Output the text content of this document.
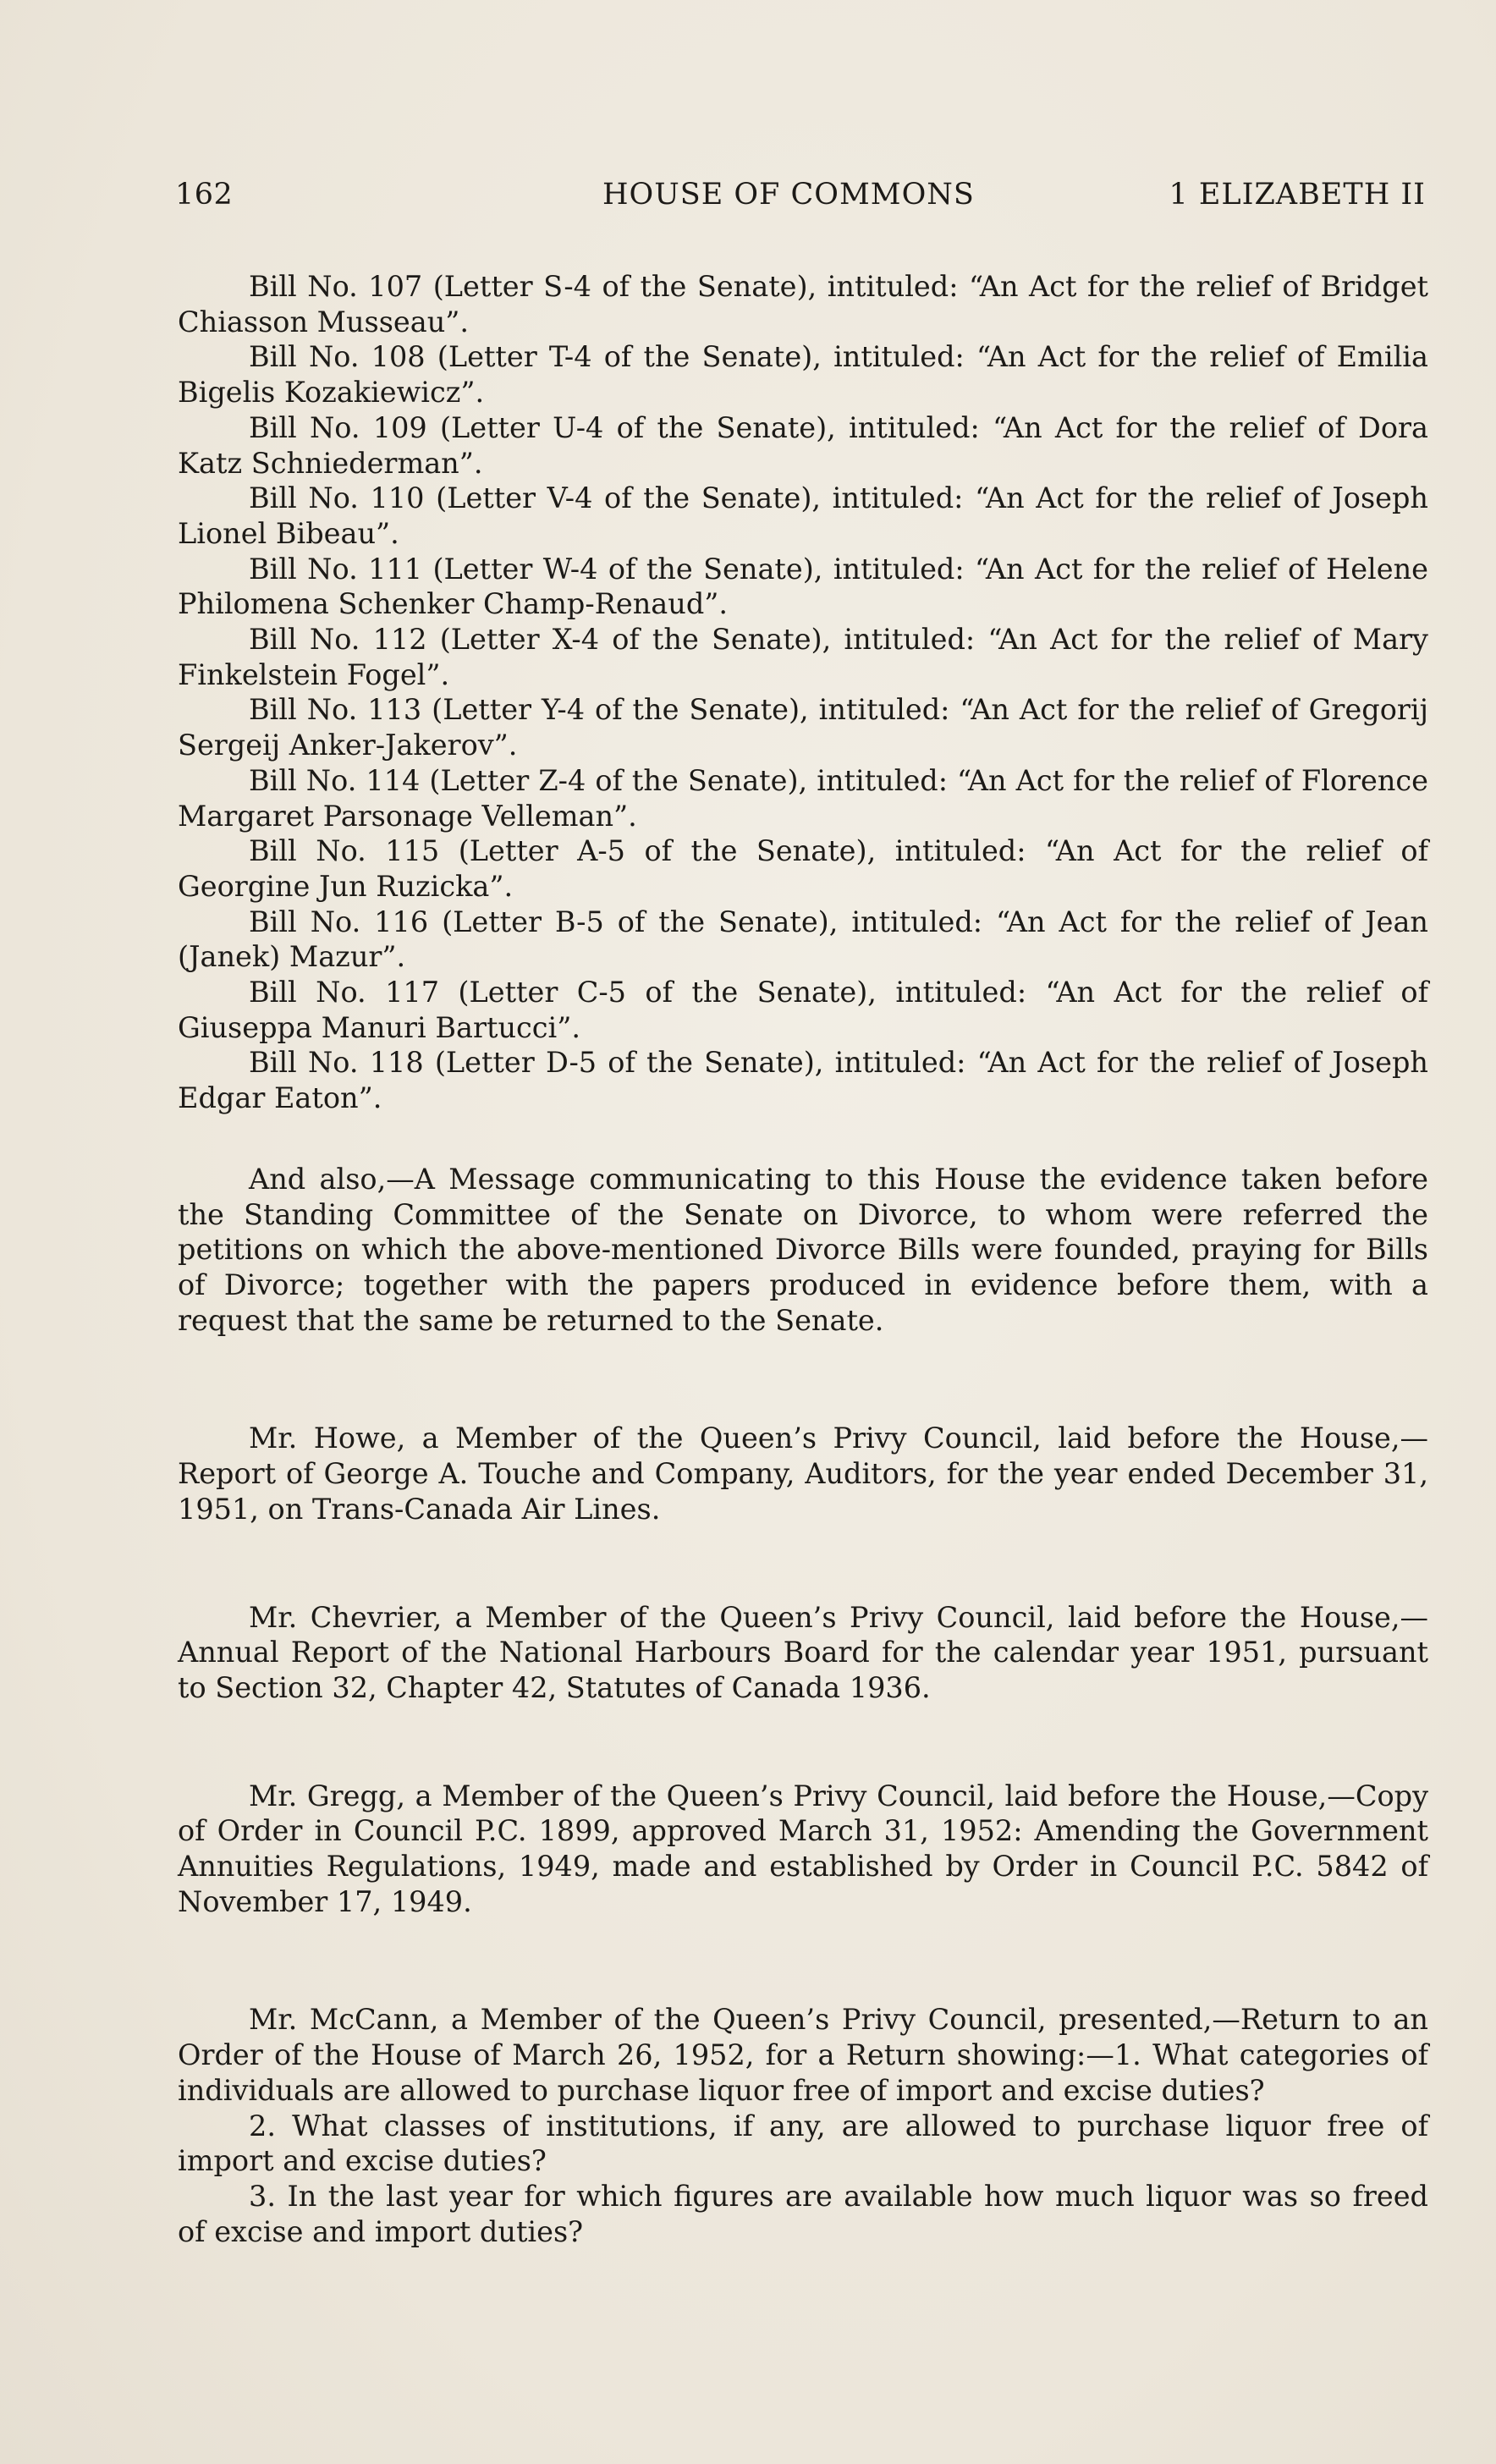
162	HOUSE OF COMMONS	1 ELIZABETH II

Bill No. 107 (Letter S-4 of the Senate), intituled: “An Act for the relief of Bridget Chiasson Musseau”.

Bill No. 108 (Letter T-4 of the Senate), intituled: “An Act for the relief of Emilia Bigelis Kozakiewicz”.

Bill No. 109 (Letter U-4 of the Senate), intituled: “An Act for the relief of Dora Katz Schniederman”.

Bill No. 110 (Letter V-4 of the Senate), intituled: “An Act for the relief of Joseph Lionel Bibeau”.

Bill No. 111 (Letter W-4 of the Senate), intituled: “An Act for the relief of Helene Philomena Schenker Champ-Renaud”.

Bill No. 112 (Letter X-4 of the Senate), intituled: “An Act for the relief of Mary Finkelstein Fogel”.

Bill No. 113 (Letter Y-4 of the Senate), intituled: “An Act for the relief of Gregorij Sergeij Anker-Jakerov”.

Bill No. 114 (Letter Z-4 of the Senate), intituled: “An Act for the relief of Florence Margaret Parsonage Velleman”.

Bill No. 115 (Letter A-5 of the Senate), intituled: “An Act for the relief of Georgine Jun Ruzicka”.

Bill No. 116 (Letter B-5 of the Senate), intituled: “An Act for the relief of Jean (Janek) Mazur”.

Bill No. 117 (Letter C-5 of the Senate), intituled: “An Act for the relief of Giuseppa Manuri Bartucci”.

Bill No. 118 (Letter D-5 of the Senate), intituled: “An Act for the relief of Joseph Edgar Eaton”.

And also,—A Message communicating to this House the evidence taken before the Standing Committee of the Senate on Divorce, to whom were referred the petitions on which the above-mentioned Divorce Bills were founded, praying for Bills of Divorce; together with the papers produced in evidence before them, with a request that the same be returned to the Senate.

Mr. Howe, a Member of the Queen’s Privy Council, laid before the House,—Report of George A. Touche and Company, Auditors, for the year ended December 31, 1951, on Trans-Canada Air Lines.

Mr. Chevrier, a Member of the Queen’s Privy Council, laid before the House,—Annual Report of the National Harbours Board for the calendar year 1951, pursuant to Section 32, Chapter 42, Statutes of Canada 1936.

Mr. Gregg, a Member of the Queen’s Privy Council, laid before the House,—Copy of Order in Council P.C. 1899, approved March 31, 1952: Amending the Government Annuities Regulations, 1949, made and established by Order in Council P.C. 5842 of November 17, 1949.

Mr. McCann, a Member of the Queen’s Privy Council, presented,—Return to an Order of the House of March 26, 1952, for a Return showing:—1. What categories of individuals are allowed to purchase liquor free of import and excise duties?

2. What classes of institutions, if any, are allowed to purchase liquor free of import and excise duties?

3. In the last year for which figures are available how much liquor was so freed of excise and import duties?
